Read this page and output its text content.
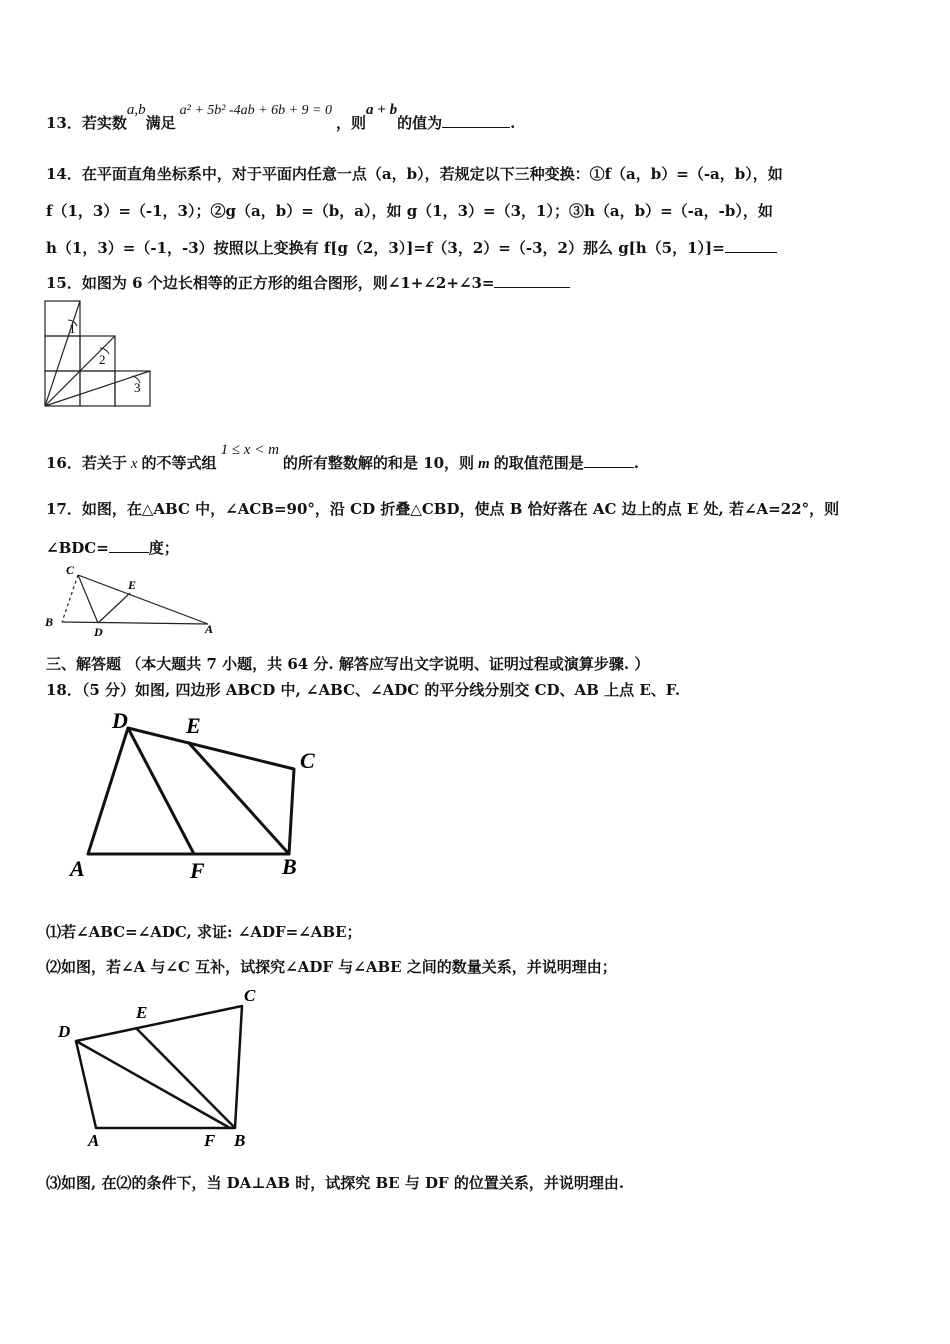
13．若实数a,b满足a² + 5b² -4ab + 6b + 9 = 0，则a + b的值为	.
14．在平面直角坐标系中，对于平面内任意一点（a，b），若规定以下三种变换：①f（a，b）=（-a，b），如
f（1，3）=（-1，3）；②g（a，b）=（b，a），如 g（1，3）=（3，1）；③h（a，b）=（-a，-b），如
h（1，3）=（-1，-3）按照以上变换有 f[g（2，3）]=f（3，2）=（-3，2）那么 g[h（5，1）]=
15．如图为 6 个边长相等的正方形的组合图形，则∠1+∠2+∠3=
1
2
3
16．若关于 x 的不等式组1 ≤ x < m的所有整数解的和是 10，则 m 的取值范围是	.
17．如图，在△ABC 中，∠ACB=90°，沿 CD 折叠△CBD，使点 B 恰好落在 AC 边上的点 E 处, 若∠A=22°，则
∠BDC=	度；
C
E
B
D	A
三、解答题 （本大题共 7 小题，共 64 分. 解答应写出文字说明、证明过程或演算步骤. ）
18．（5 分）如图, 四边形 ABCD 中, ∠ABC、∠ADC 的平分线分别交 CD、AB 上点 E、F.
D	E
C
A	F	B
⑴若∠ABC=∠ADC, 求证: ∠ADF=∠ABE；
⑵如图，若∠A 与∠C 互补，试探究∠ADF 与∠ABE 之间的数量关系，并说明理由；
D
E
C
A	F B
⑶如图, 在⑵的条件下，当 DA⊥AB 时，试探究 BE 与 DF 的位置关系，并说明理由.
